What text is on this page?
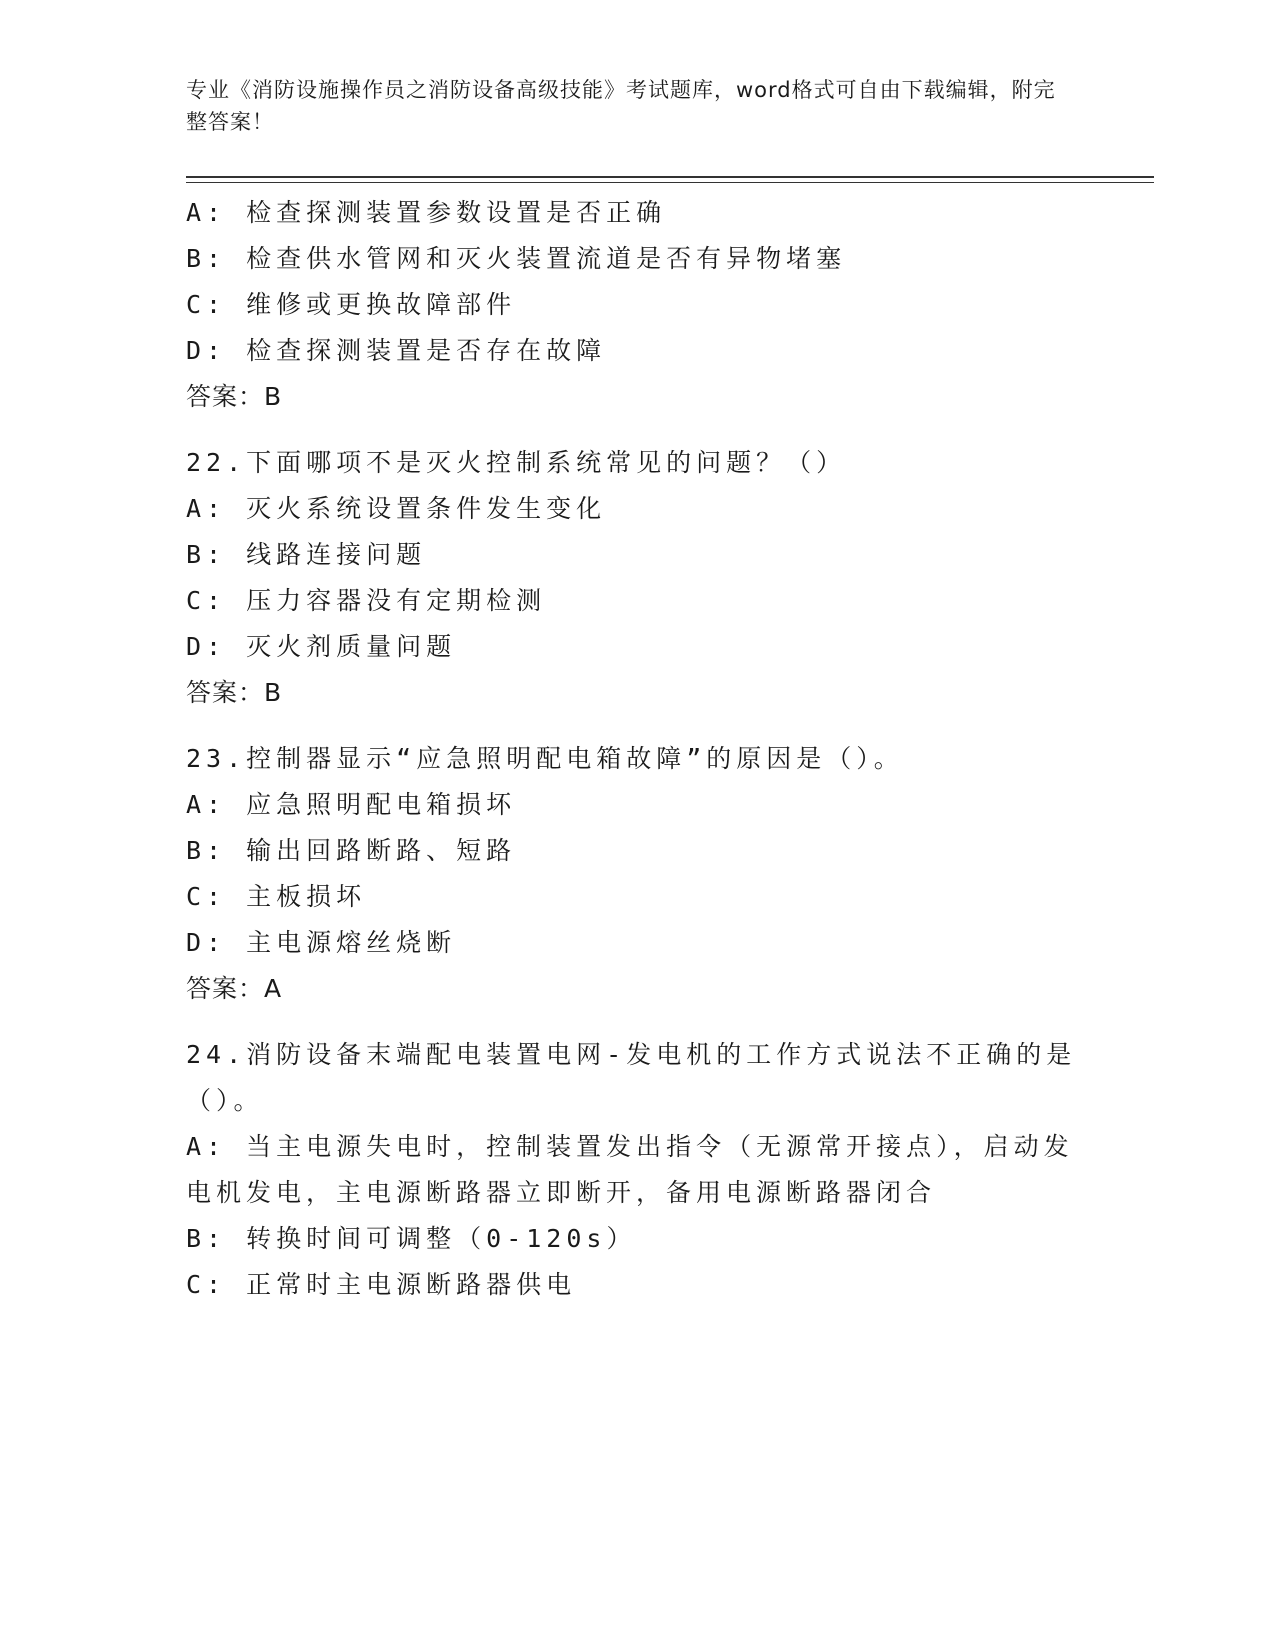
专业《消防设施操作员之消防设备高级技能》考试题库，word格式可自由下载编辑，附完整答案！
A: 检查探测装置参数设置是否正确
B: 检查供水管网和灭火装置流道是否有异物堵塞
C: 维修或更换故障部件
D: 检查探测装置是否存在故障
答案：B
22.下面哪项不是灭火控制系统常见的问题？（）
A: 灭火系统设置条件发生变化
B: 线路连接问题
C: 压力容器没有定期检测
D: 灭火剂质量问题
答案：B
23.控制器显示“应急照明配电箱故障”的原因是（）。
A: 应急照明配电箱损坏
B: 输出回路断路、短路
C: 主板损坏
D: 主电源熔丝烧断
答案：A
24.消防设备末端配电装置电网-发电机的工作方式说法不正确的是（）。
A: 当主电源失电时，控制装置发出指令（无源常开接点），启动发电机发电，主电源断路器立即断开，备用电源断路器闭合
B: 转换时间可调整（0-120s）
C: 正常时主电源断路器供电
